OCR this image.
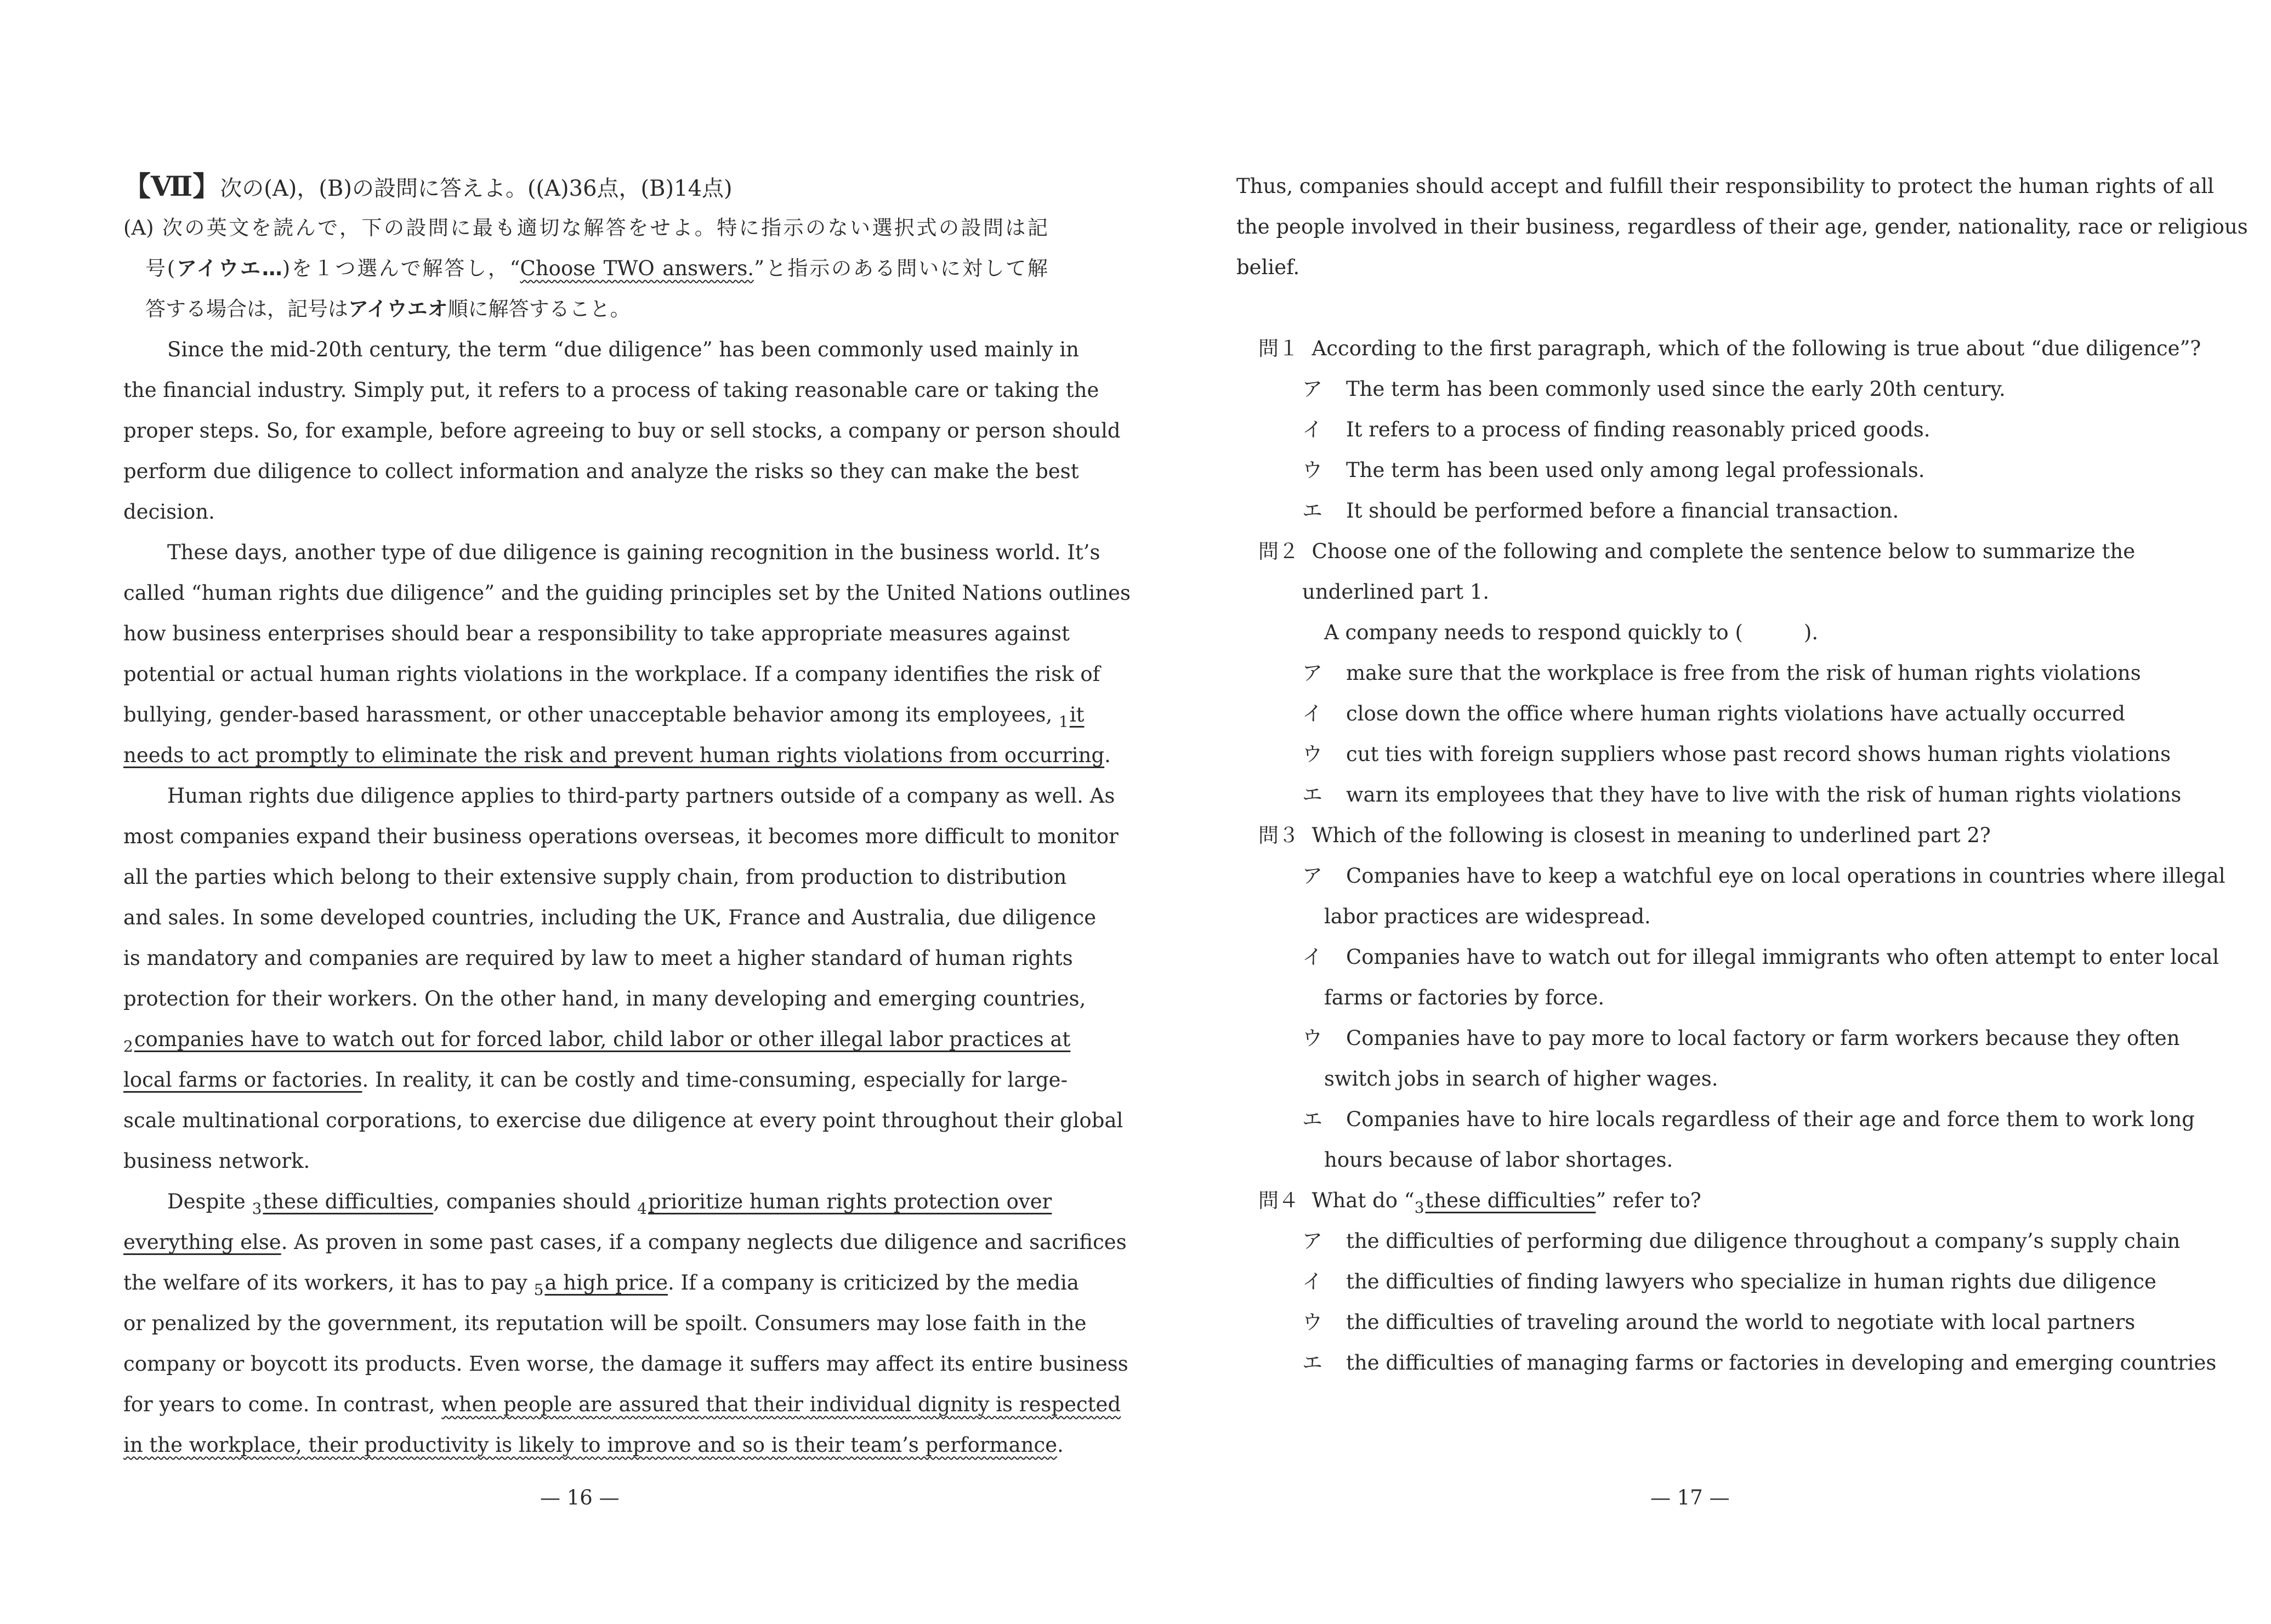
【Ⅶ】次の(A)，(B)の設問に答えよ。((A)36点，(B)14点)
(A) 次の英文を読んで，下の設問に最も適切な解答をせよ。特に指示のない選択式の設問は記
号(アイウエ…)を１つ選んで解答し，“Choose TWO answers.”と指示のある問いに対して解
答する場合は，記号はアイウエオ順に解答すること。
Since the mid-20th century, the term “due diligence” has been commonly used mainly in
the financial industry. Simply put, it refers to a process of taking reasonable care or taking the
proper steps. So, for example, before agreeing to buy or sell stocks, a company or person should
perform due diligence to collect information and analyze the risks so they can make the best
decision.
These days, another type of due diligence is gaining recognition in the business world. It’s
called “human rights due diligence” and the guiding principles set by the United Nations outlines
how business enterprises should bear a responsibility to take appropriate measures against
potential or actual human rights violations in the workplace. If a company identifies the risk of
bullying, gender-based harassment, or other unacceptable behavior among its employees, $_1$it
needs to act promptly to eliminate the risk and prevent human rights violations from occurring.
Human rights due diligence applies to third-party partners outside of a company as well. As
most companies expand their business operations overseas, it becomes more difficult to monitor
all the parties which belong to their extensive supply chain, from production to distribution
and sales. In some developed countries, including the UK, France and Australia, due diligence
is mandatory and companies are required by law to meet a higher standard of human rights
protection for their workers. On the other hand, in many developing and emerging countries,
$_2$companies have to watch out for forced labor, child labor or other illegal labor practices at
local farms or factories. In reality, it can be costly and time-consuming, especially for large-
scale multinational corporations, to exercise due diligence at every point throughout their global
business network.
Despite $_3$these difficulties, companies should $_4$prioritize human rights protection over
everything else. As proven in some past cases, if a company neglects due diligence and sacrifices
the welfare of its workers, it has to pay $_5$a high price. If a company is criticized by the media
or penalized by the government, its reputation will be spoilt. Consumers may lose faith in the
company or boycott its products. Even worse, the damage it suffers may affect its entire business
for years to come. In contrast, when people are assured that their individual dignity is respected
in the workplace, their productivity is likely to improve and so is their team’s performance.
— 16 —
Thus, companies should accept and fulfill their responsibility to protect the human rights of all
the people involved in their business, regardless of their age, gender, nationality, race or religious
belief.
問１ According to the first paragraph, which of the following is true about “due diligence”?
ア The term has been commonly used since the early 20th century.
イ It refers to a process of finding reasonably priced goods.
ウ The term has been used only among legal professionals.
エ It should be performed before a financial transaction.
問２ Choose one of the following and complete the sentence below to summarize the
underlined part 1.
A company needs to respond quickly to (　　　).
ア make sure that the workplace is free from the risk of human rights violations
イ close down the office where human rights violations have actually occurred
ウ cut ties with foreign suppliers whose past record shows human rights violations
エ warn its employees that they have to live with the risk of human rights violations
問３ Which of the following is closest in meaning to underlined part 2?
ア Companies have to keep a watchful eye on local operations in countries where illegal
labor practices are widespread.
イ Companies have to watch out for illegal immigrants who often attempt to enter local
farms or factories by force.
ウ Companies have to pay more to local factory or farm workers because they often
switch jobs in search of higher wages.
エ Companies have to hire locals regardless of their age and force them to work long
hours because of labor shortages.
問４ What do “$_3these$ difficulties” refer to?
ア the difficulties of performing due diligence throughout a company’s supply chain
イ the difficulties of finding lawyers who specialize in human rights due diligence
ウ the difficulties of traveling around the world to negotiate with local partners
エ the difficulties of managing farms or factories in developing and emerging countries
— 17 —
